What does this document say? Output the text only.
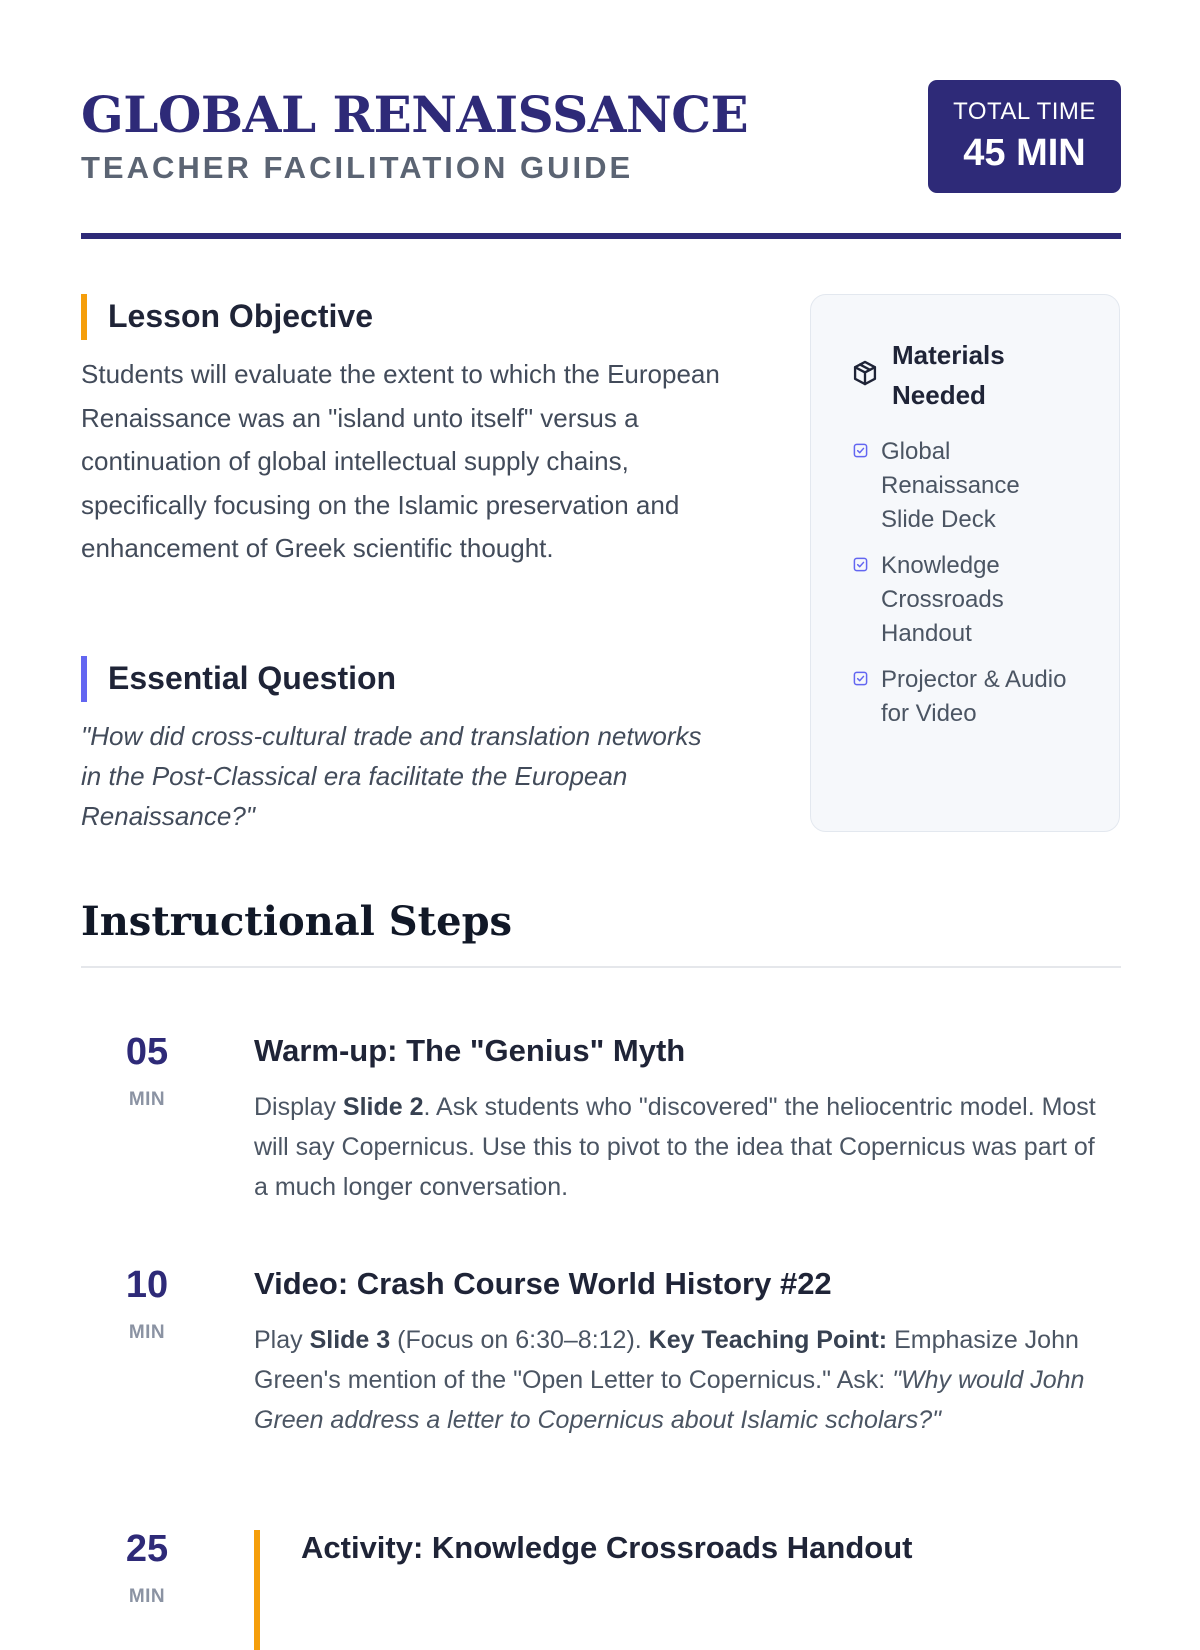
GLOBAL RENAISSANCE
TEACHER FACILITATION GUIDE
TOTAL TIME
45 MIN
Lesson Objective

Students will evaluate the extent to which the European Renaissance was an "island unto itself" versus a continuation of global intellectual supply chains, specifically focusing on the Islamic preservation and enhancement of Greek scientific thought.

Essential Question

"How did cross-cultural trade and translation networks in the Post-Classical era facilitate the European Renaissance?"

Materials Needed
Global Renaissance Slide Deck
Knowledge Crossroads Handout
Projector & Audio for Video
Instructional Steps
05
MIN
Warm-up: The "Genius" Myth

Display Slide 2. Ask students who "discovered" the heliocentric model. Most will say Copernicus. Use this to pivot to the idea that Copernicus was part of a much longer conversation.

10
MIN
Video: Crash Course World History #22

Play Slide 3 (Focus on 6:30–8:12). Key Teaching Point: Emphasize John Green's mention of the "Open Letter to Copernicus." Ask: "Why would John Green address a letter to Copernicus about Islamic scholars?"

25
MIN
Activity: Knowledge Crossroads Handout
